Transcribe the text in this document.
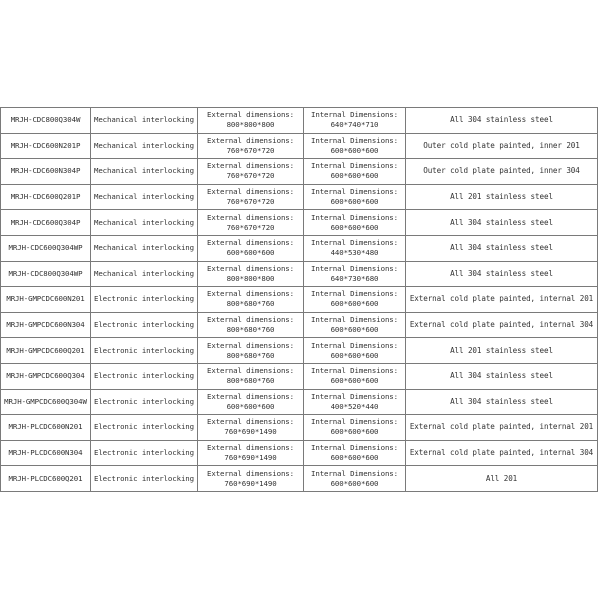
MRJH-CDC800Q304W	Mechanical interlocking	External dimensions:
800*800*800	Internal Dimensions:
640*740*710	All 304 stainless steel

MRJH-CDC600N201P	Mechanical interlocking	External dimensions:
760*670*720	Internal Dimensions:
600*600*600	Outer cold plate painted, inner 201

MRJH-CDC600N304P	Mechanical interlocking	External dimensions:
760*670*720	Internal Dimensions:
600*600*600	Outer cold plate painted, inner 304

MRJH-CDC600Q201P	Mechanical interlocking	External dimensions:
760*670*720	Internal Dimensions:
600*600*600	All 201 stainless steel

MRJH-CDC600Q304P	Mechanical interlocking	External dimensions:
760*670*720	Internal Dimensions:
600*600*600	All 304 stainless steel

MRJH-CDC600Q304WP	Mechanical interlocking	External dimensions:
600*600*600	Internal Dimensions:
440*530*480	All 304 stainless steel

MRJH-CDC800Q304WP	Mechanical interlocking	External dimensions:
800*800*800	Internal Dimensions:
640*730*680	All 304 stainless steel

MRJH-GMPCDC600N201	Electronic interlocking	External dimensions:
800*680*760	Internal Dimensions:
600*600*600	External cold plate painted, internal 201

MRJH-GMPCDC600N304	Electronic interlocking	External dimensions:
800*680*760	Internal Dimensions:
600*600*600	External cold plate painted, internal 304

MRJH-GMPCDC600Q201	Electronic interlocking	External dimensions:
800*680*760	Internal Dimensions:
600*600*600	All 201 stainless steel

MRJH-GMPCDC600Q304	Electronic interlocking	External dimensions:
800*680*760	Internal Dimensions:
600*600*600	All 304 stainless steel

MRJH-GMPCDC600Q304W	Electronic interlocking	External dimensions:
600*600*600	Internal Dimensions:
400*520*440	All 304 stainless steel

MRJH-PLCDC600N201	Electronic interlocking	External dimensions:
760*690*1490	Internal Dimensions:
600*600*600	External cold plate painted, internal 201

MRJH-PLCDC600N304	Electronic interlocking	External dimensions:
760*690*1490	Internal Dimensions:
600*600*600	External cold plate painted, internal 304

MRJH-PLCDC600Q201	Electronic interlocking	External dimensions:
760*690*1490	Internal Dimensions:
600*600*600	All 201
